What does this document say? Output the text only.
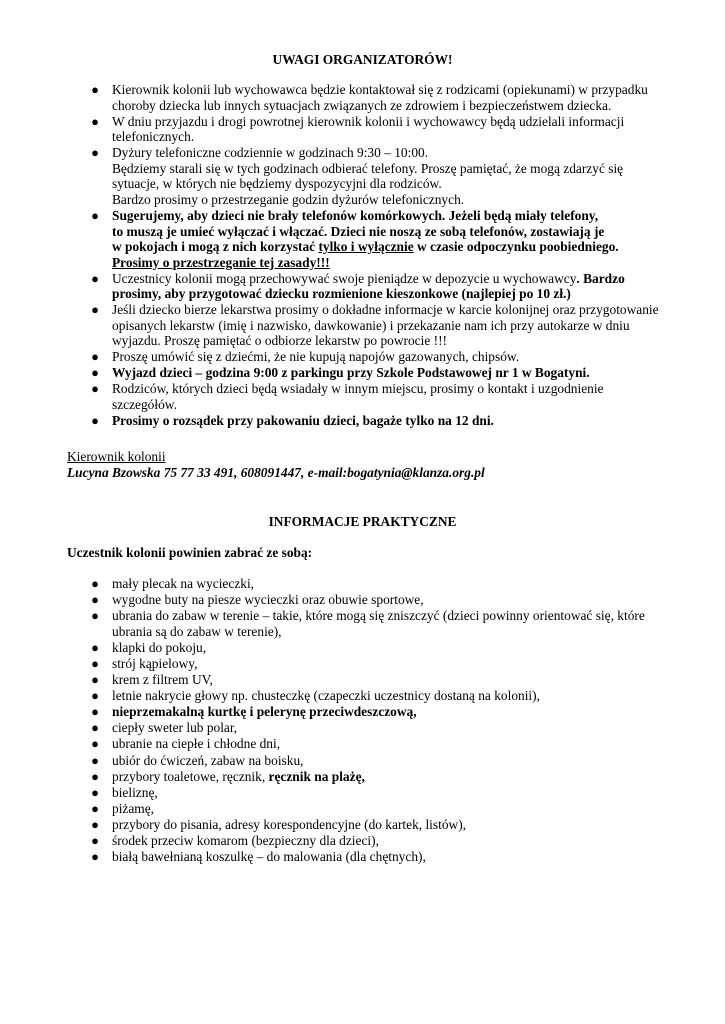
UWAGI ORGANIZATORÓW!
● Kierownik kolonii lub wychowawca będzie kontaktował się z rodzicami (opiekunami) w przypadku choroby dziecka lub innych sytuacjach związanych ze zdrowiem i bezpieczeństwem dziecka.
● W dniu przyjazdu i drogi powrotnej kierownik kolonii i wychowawcy będą udzielali informacji telefonicznych.
● Dyżury telefoniczne codziennie w godzinach 9:30 – 10:00.
Będziemy starali się w tych godzinach odbierać telefony. Proszę pamiętać, że mogą zdarzyć się sytuacje, w których nie będziemy dyspozycyjni dla rodziców.
Bardzo prosimy o przestrzeganie godzin dyżurów telefonicznych.
● Sugerujemy, aby dzieci nie brały telefonów komórkowych. Jeżeli będą miały telefony,
to muszą je umieć wyłączać i włączać. Dzieci nie noszą ze sobą telefonów, zostawiają je
w pokojach i mogą z nich korzystać tylko i wyłącznie w czasie odpoczynku poobiedniego.
Prosimy o przestrzeganie tej zasady!!!
● Uczestnicy kolonii mogą przechowywać swoje pieniądze w depozycie u wychowawcy. Bardzo prosimy, aby przygotować dziecku rozmienione kieszonkowe (najlepiej po 10 zł.)
● Jeśli dziecko bierze lekarstwa prosimy o dokładne informacje w karcie kolonijnej oraz przygotowanie opisanych lekarstw (imię i nazwisko, dawkowanie) i przekazanie nam ich przy autokarze w dniu wyjazdu. Proszę pamiętać o odbiorze lekarstw po powrocie !!!
● Proszę umówić się z dziećmi, że nie kupują napojów gazowanych, chipsów.
● Wyjazd dzieci – godzina 9:00 z parkingu przy Szkole Podstawowej nr 1 w Bogatyni.
● Rodziców, których dzieci będą wsiadały w innym miejscu, prosimy o kontakt i uzgodnienie szczegółów.
● Prosimy o rozsądek przy pakowaniu dzieci, bagaże tylko na 12 dni.
Kierownik kolonii
Lucyna Bzowska 75 77 33 491, 608091447, e-mail:bogatynia@klanza.org.pl
INFORMACJE PRAKTYCZNE
Uczestnik kolonii powinien zabrać ze sobą:
● mały plecak na wycieczki,
● wygodne buty na piesze wycieczki oraz obuwie sportowe,
● ubrania do zabaw w terenie – takie, które mogą się zniszczyć (dzieci powinny orientować się, które ubrania są do zabaw w terenie),
● klapki do pokoju,
● strój kąpielowy,
● krem z filtrem UV,
● letnie nakrycie głowy np. chusteczkę (czapeczki uczestnicy dostaną na kolonii),
● nieprzemakalną kurtkę i pelerynę przeciwdeszczową,
● ciepły sweter lub polar,
● ubranie na ciepłe i chłodne dni,
● ubiór do ćwiczeń, zabaw na boisku,
● przybory toaletowe, ręcznik, ręcznik na plażę,
● bieliznę,
● piżamę,
● przybory do pisania, adresy korespondencyjne (do kartek, listów),
● środek przeciw komarom (bezpieczny dla dzieci),
● białą bawełnianą koszulkę – do malowania (dla chętnych),
